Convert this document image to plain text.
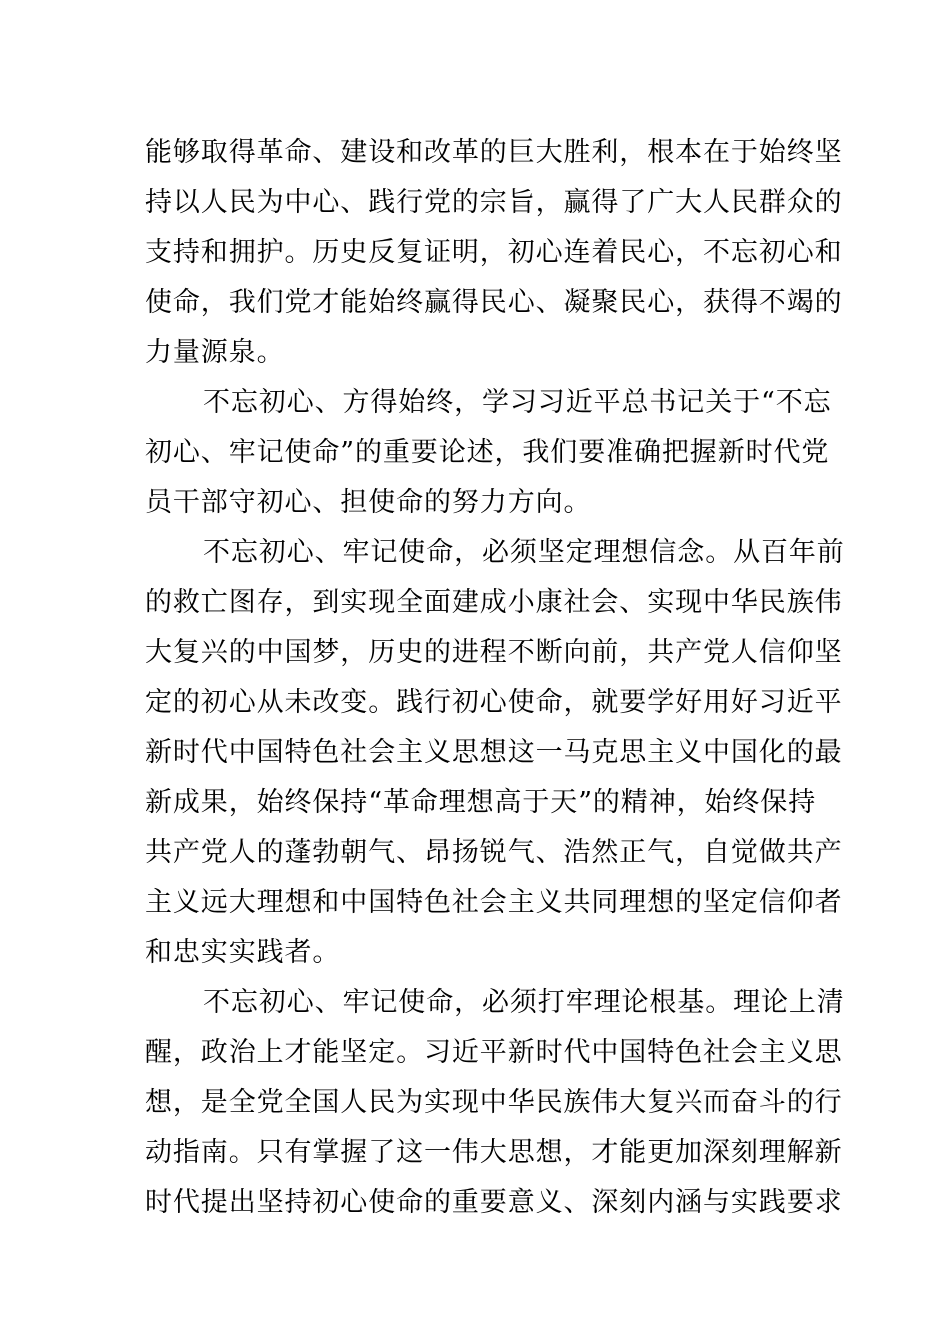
能够取得革命、建设和改革的巨大胜利，根本在于始终坚
持以人民为中心、践行党的宗旨，赢得了广大人民群众的
支持和拥护。历史反复证明，初心连着民心，不忘初心和
使命，我们党才能始终赢得民心、凝聚民心，获得不竭的
力量源泉。
不忘初心、方得始终，学习习近平总书记关于“不忘
初心、牢记使命”的重要论述，我们要准确把握新时代党
员干部守初心、担使命的努力方向。
不忘初心、牢记使命，必须坚定理想信念。从百年前
的救亡图存，到实现全面建成小康社会、实现中华民族伟
大复兴的中国梦，历史的进程不断向前，共产党人信仰坚
定的初心从未改变。践行初心使命，就要学好用好习近平
新时代中国特色社会主义思想这一马克思主义中国化的最
新成果，始终保持“革命理想高于天”的精神，始终保持
共产党人的蓬勃朝气、昂扬锐气、浩然正气，自觉做共产
主义远大理想和中国特色社会主义共同理想的坚定信仰者
和忠实实践者。
不忘初心、牢记使命，必须打牢理论根基。理论上清
醒，政治上才能坚定。习近平新时代中国特色社会主义思
想，是全党全国人民为实现中华民族伟大复兴而奋斗的行
动指南。只有掌握了这一伟大思想，才能更加深刻理解新
时代提出坚持初心使命的重要意义、深刻内涵与实践要求
